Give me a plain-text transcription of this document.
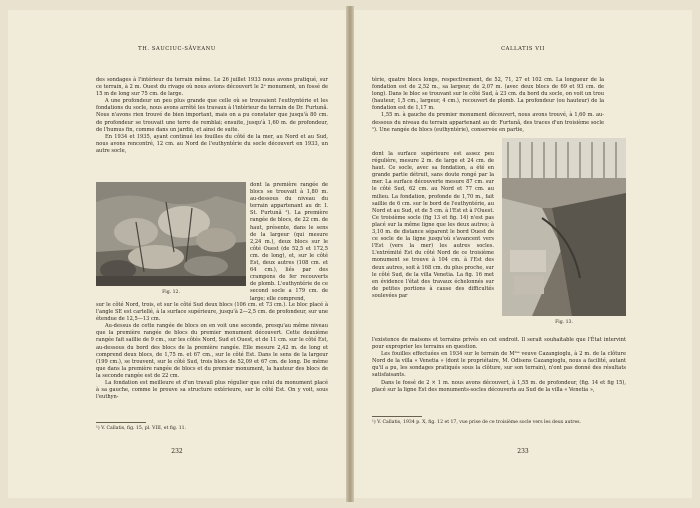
TH. SAUCIUC-SĂVEANU

des sondages à l'intérieur du terrain même. Le 26 juillet 1933 nous avons pratiqué, sur ce terrain, à 2 m. Ouest du rivage où nous avions découvert le 2ᵉ monument, un fossé de 15 m de long sur 75 cm. de large.

A une profondeur un peu plus grande que celle où se trouvaient l'euthyntérie et les fondations du socle, nous avons arrêté les travaux à l'intérieur du terrain de Dr. Furtună. Nous n'avons rien trouvé de bien important, mais on a pu constater que jusqu'à 80 cm. de profondeur se trouvait une terre de remblai; ensuite, jusqu'à 1,60 m. de profondeur, de l'humus fin, comme dans un jardin, et ainsi de suite.

En 1934 et 1935, ayant continué les fouilles du côté de la mer, au Nord et au Sud, nous avons rencontré, 12 cm. au Nord de l'euthyntérie du socle découvert en 1933, un autre socle,

Fig. 12.

dont la première rangée de blocs se trouvait à 1,80 m. au-dessous du niveau du terrain appartenant au dr. I. St. Furtună ¹). La première rangée de blocs, de 22 cm. de haut, présente, dans le sens de la largeur (qui mesure 2,24 m.), deux blocs sur le côté Ouest (de 52,5 et 172,5 cm. de long), et, sur le côté Est, deux autres (108 cm. et 64 cm.), liés par des crampons de fer recouverts de plomb. L'euthyntérie de ce second socle a 179 cm. de large; elle comprend,

sur le côté Nord, trois, et sur le côté Sud deux blocs (106 cm. et 73 cm.). Le bloc placé à l'angle SE est cartellé, à la surface supérieure, jusqu'à 2—2,5 cm. de profondeur, sur une étendue de 12,5—13 cm.

Au-dessus de cette rangée de blocs on en voit une seconde, presqu'au même niveau que la première rangée de blocs du premier monument découvert. Cette deuxième rangée fait saillie de 9 cm., sur les côtés Nord, Sud et Ouest, et de 11 cm. sur le côté Est, au-dessous du bord des blocs de la première rangée. Elle mesure 2,42 m. de long et comprend deux blocs, de 1,75 m. et 67 cm., sur le côté Est. Dans le sens de la largeur (199 cm.), se trouvent, sur le côté Sud, trois blocs de 52,09 et 67 cm. de long. De même que dans la première rangée de blocs et du premier monument, la hauteur des blocs de la seconde rangée est de 22 cm.

La fondation est meilleure et d'un travail plus régulier que celui du monument placé à sa gauche, comme le prouve sa structure extérieure, sur le côté Est. On y voit, sous l'euthyn-

¹) V. Callatis, fig. 15, pl. VIII, et fig. 11.
232
CALLATIS VII

térie, quatre blocs longs, respectivement, de 52, 71, 27 et 102 cm. La longueur de la fondation est de 2,52 m., sa largeur, de 2,07 m. (avec deux blocs de 69 et 93 cm. de long). Dans le bloc se trouvant sur le côté Sud, à 23 cm. du bord du socle, on voit un trou (hauteur, 1,5 cm., largeur, 4 cm.), recouvert de plomb. La profondeur (ou hauteur) de la fondation est de 1,17 m.

1,55 m. à gauche du premier monument découvert, nous avons trouvé, à 1,60 m. au-dessous du niveau du terrain appartenant au dr. Furtună, des traces d'un troisième socle ¹). Une rangée de blocs (euthyntérie), conservée en partie,

dont la surface supérieure est assez peu régulière, mesure 2 m. de large et 24 cm. de haut. Ce socle, avec sa fondation, a été en grande partie détruit, sans doute rongé par la mer. La surface découverte mesure 87 cm. sur le côté Sud, 62 cm. au Nord et 77 cm. au milieu. La fondation, profonde de 1,70 m., fait saillie de 6 cm. sur le bord de l'euthyntérie, au Nord et au Sud, et de 5 cm. à l'Est et à l'Ouest. Ce troisième socle (fig 13 et fig. 14) n'est pas placé sur la même ligne que les deux autres; à 3,10 m. de distance séparent le bord Ouest de ce socle de la ligne jusqu'où s'avancent vers l'Est (vers la mer) les autres socles. L'extrémité Est du côté Nord de ce troisième monument se trouve à 104 cm. à l'Est des deux autres, soit à 168 cm. du plus proche, sur le côté Sud, de la villa Venetia. La fig. 16 met en évidence l'état des travaux échelonnés sur de petites portions à cause des difficultés soulevées par

Fig. 13.

l'existence de maisons et terrains privés en cet endroit. Il serait souhaitable que l'État intervint pour exproprier les terrains en question.

Les fouilles effectuées en 1934 sur le terrain de Mᵐᵉ veuve Cazangioglu, à 2 m. de la clôture Nord de la villa « Venetia » (dont le propriétaire, M. Odisens Cazangioglu, nous a facilité, autant qu'il a pu, les sondages pratiqués sous la clôture, sur son terrain), n'ont pas donné des résultats satisfaisants.

Dans le fossé de 2 × 1 m. nous avons découvert, à 1,55 m. de profondeur, (fig. 14 et fig 15), placé sur la ligne Est des monuments-socles découverts au Sud de la villa « Venetia »,

¹) V. Callatis, 1934 p. X, fig. 12 et 17, vue prise de ce troisième socle vers les deux autres.
233
